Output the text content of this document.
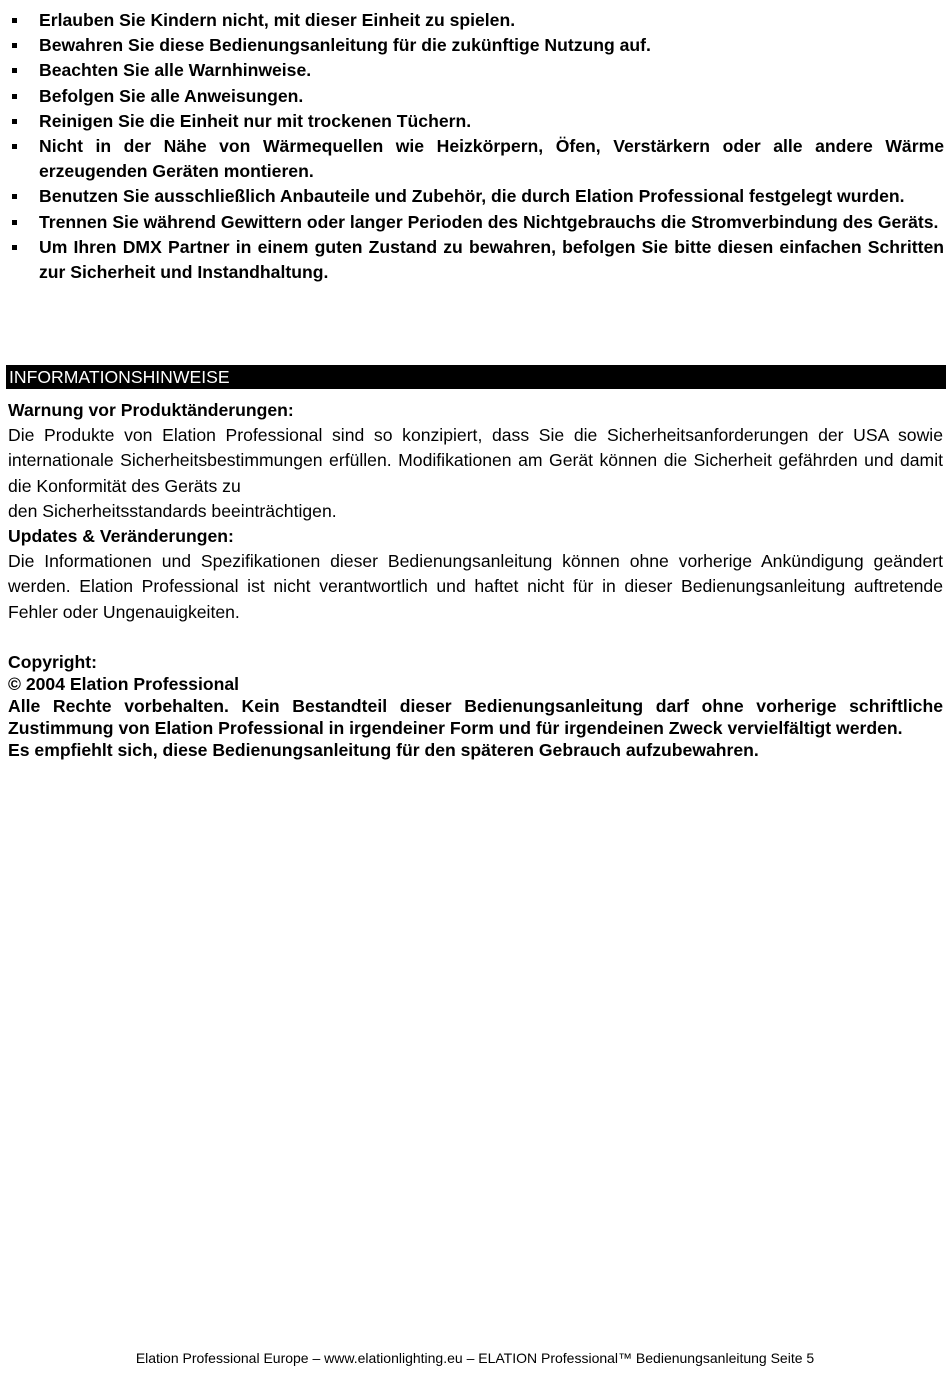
Erlauben Sie Kindern nicht, mit dieser Einheit zu spielen.
Bewahren Sie diese Bedienungsanleitung für die zukünftige Nutzung auf.
Beachten Sie alle Warnhinweise.
Befolgen Sie alle Anweisungen.
Reinigen Sie die Einheit nur mit trockenen Tüchern.
Nicht in der Nähe von Wärmequellen wie Heizkörpern, Öfen, Verstärkern oder alle andere Wärme erzeugenden Geräten montieren.
Benutzen Sie ausschließlich Anbauteile und Zubehör, die durch Elation Professional festgelegt wurden.
Trennen Sie während Gewittern oder langer Perioden des Nichtgebrauchs die Stromverbindung des Geräts.
Um Ihren DMX Partner in einem guten Zustand zu bewahren, befolgen Sie bitte diesen einfachen Schritten zur Sicherheit und Instandhaltung.
INFORMATIONSHINWEISE
Warnung vor Produktänderungen:

Die Produkte von Elation Professional sind so konzipiert, dass Sie die Sicherheitsanforderungen der USA sowie internationale Sicherheitsbestimmungen erfüllen. Modifikationen am Gerät können die Sicherheit gefährden und damit die Konformität des Geräts zu

den Sicherheitsstandards beeinträchtigen.

Updates & Veränderungen:

Die Informationen und Spezifikationen dieser Bedienungsanleitung können ohne vorherige Ankündigung geändert werden. Elation Professional ist nicht verantwortlich und haftet nicht für in dieser Bedienungsanleitung auftretende Fehler oder Ungenauigkeiten.

Copyright:

© 2004 Elation Professional

Alle Rechte vorbehalten. Kein Bestandteil dieser Bedienungsanleitung darf ohne vorherige schriftliche Zustimmung von Elation Professional in irgendeiner Form und für irgendeinen Zweck vervielfältigt werden.

Es empfiehlt sich, diese Bedienungsanleitung für den späteren Gebrauch aufzubewahren.

Elation Professional Europe – www.elationlighting.eu – ELATION Professional™ Bedienungsanleitung Seite 5
